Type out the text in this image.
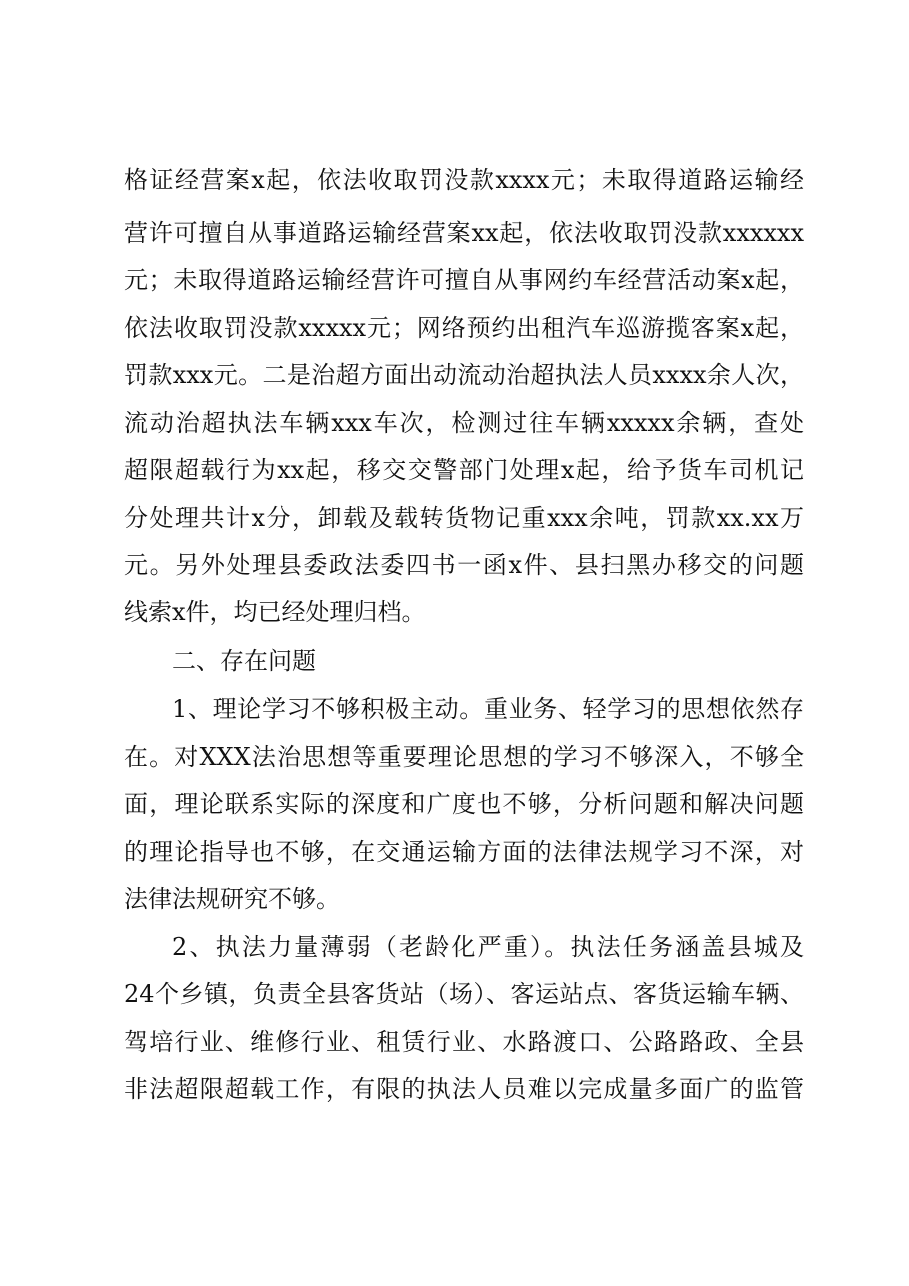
格证经营案x起，依法收取罚没款xxxx元；未取得道路运输经
营许可擅自从事道路运输经营案xx起，依法收取罚没款xxxxxx
元；未取得道路运输经营许可擅自从事网约车经营活动案x起，
依法收取罚没款xxxxx元；网络预约出租汽车巡游揽客案x起，
罚款xxx元。二是治超方面出动流动治超执法人员xxxx余人次，
流动治超执法车辆xxx车次，检测过往车辆xxxxx余辆，查处
超限超载行为xx起，移交交警部门处理x起，给予货车司机记
分处理共计x分，卸载及载转货物记重xxx余吨，罚款xx.xx万
元。另外处理县委政法委四书一函x件、县扫黑办移交的问题
线索x件，均已经处理归档。
二、存在问题
1、理论学习不够积极主动。重业务、轻学习的思想依然存
在。对XXX法治思想等重要理论思想的学习不够深入，不够全
面，理论联系实际的深度和广度也不够，分析问题和解决问题
的理论指导也不够，在交通运输方面的法律法规学习不深，对
法律法规研究不够。
2、执法力量薄弱（老龄化严重）。执法任务涵盖县城及
24个乡镇，负责全县客货站（场）、客运站点、客货运输车辆、
驾培行业、维修行业、租赁行业、水路渡口、公路路政、全县
非法超限超载工作，有限的执法人员难以完成量多面广的监管
